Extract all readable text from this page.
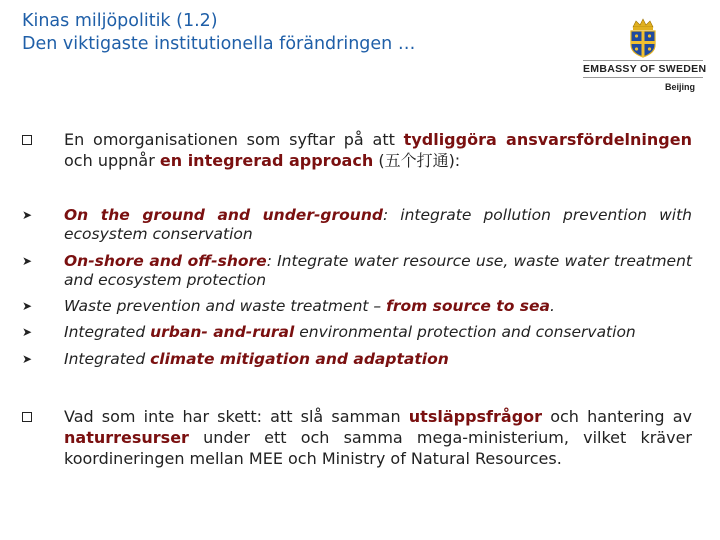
Kinas miljöpolitik (1.2)
Den viktigaste institutionella förändringen …
EMBASSY OF SWEDEN
Beijing
En omorganisationen som syftar på att tydliggöra ansvarsfördelningen och uppnår en integrerad approach (五个打通):
➤	On the ground and under-ground: integrate pollution prevention with ecosystem conservation
➤	On-shore and off-shore: Integrate water resource use, waste water treatment and ecosystem protection
➤	Waste prevention and waste treatment – from source to sea.
➤	Integrated urban- and-rural environmental protection and conservation
➤	Integrated climate mitigation and adaptation
Vad som inte har skett: att slå samman utsläppsfrågor och hantering av naturresurser under ett och samma mega-ministerium, vilket kräver koordineringen mellan MEE och Ministry of Natural Resources.
